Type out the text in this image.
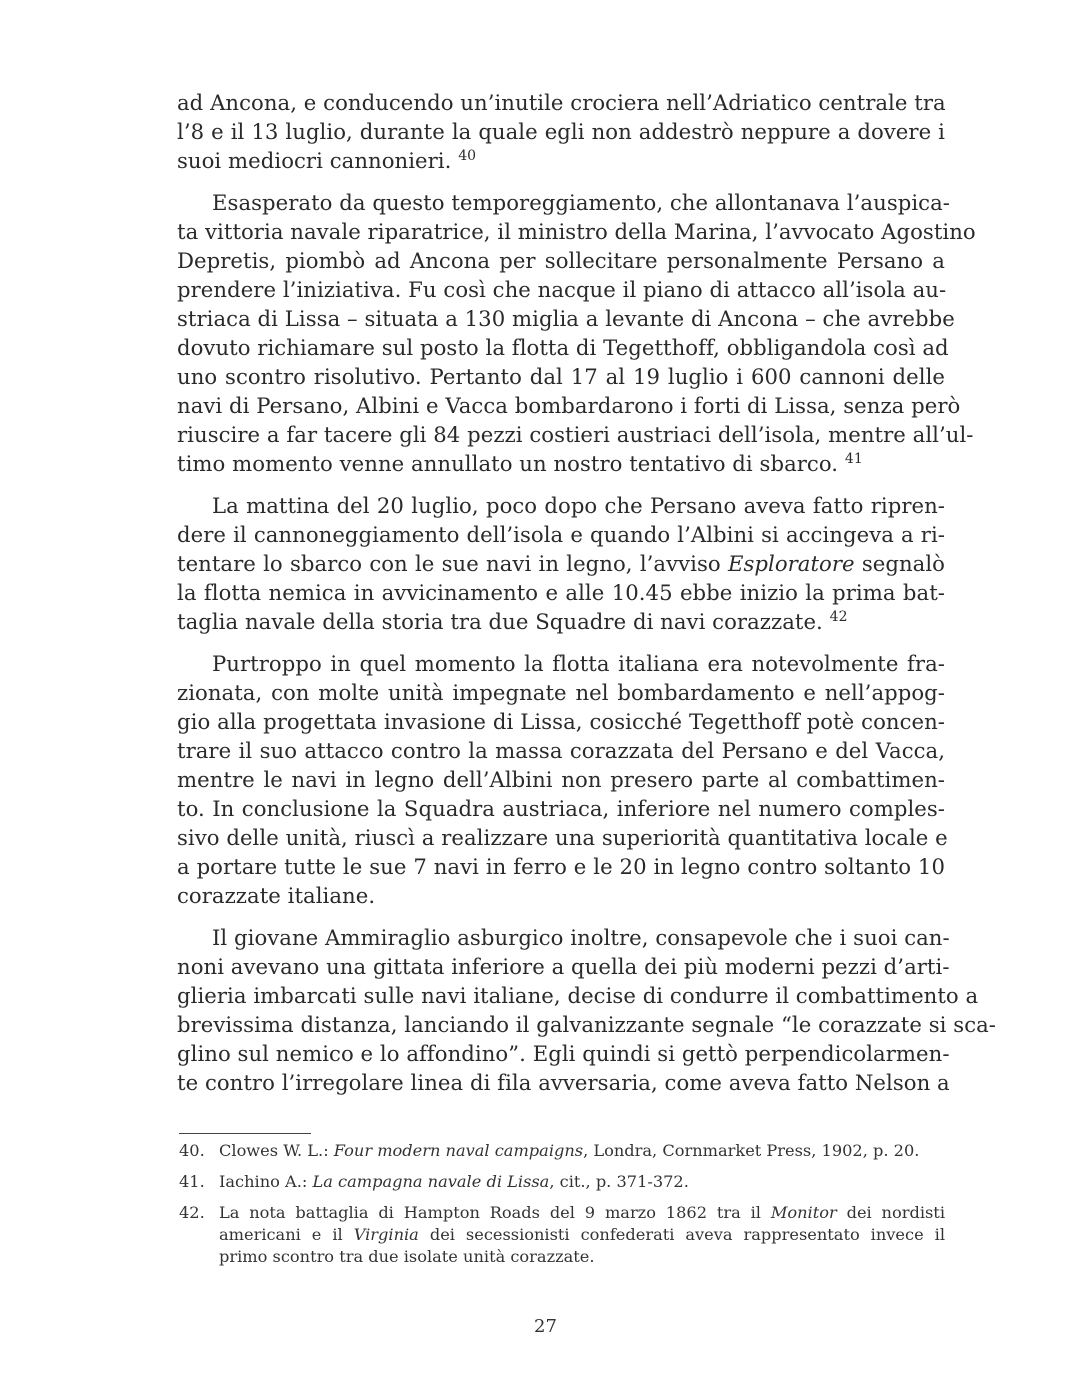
ad Ancona, e conducendo un’inutile crociera nell’Adriatico centrale tra
l’8 e il 13 luglio, durante la quale egli non addestrò neppure a dovere i
suoi mediocri cannonieri. $^{40}$
Esasperato da questo temporeggiamento, che allontanava l’auspica-
ta vittoria navale riparatrice, il ministro della Marina, l’avvocato Agostino
Depretis, piombò ad Ancona per sollecitare personalmente Persano a
prendere l’iniziativa. Fu così che nacque il piano di attacco all’isola au-
striaca di Lissa – situata a 130 miglia a levante di Ancona – che avrebbe
dovuto richiamare sul posto la flotta di Tegetthoff, obbligandola così ad
uno scontro risolutivo. Pertanto dal 17 al 19 luglio i 600 cannoni delle
navi di Persano, Albini e Vacca bombardarono i forti di Lissa, senza però
riuscire a far tacere gli 84 pezzi costieri austriaci dell’isola, mentre all’ul-
timo momento venne annullato un nostro tentativo di sbarco. $^{41}$
La mattina del 20 luglio, poco dopo che Persano aveva fatto ripren-
dere il cannoneggiamento dell’isola e quando l’Albini si accingeva a ri-
tentare lo sbarco con le sue navi in legno, l’avviso Esploratore segnalò
la flotta nemica in avvicinamento e alle 10.45 ebbe inizio la prima bat-
taglia navale della storia tra due Squadre di navi corazzate. $^{42}$
Purtroppo in quel momento la flotta italiana era notevolmente fra-
zionata, con molte unità impegnate nel bombardamento e nell’appog-
gio alla progettata invasione di Lissa, cosicché Tegetthoff potè concen-
trare il suo attacco contro la massa corazzata del Persano e del Vacca,
mentre le navi in legno dell’Albini non presero parte al combattimen-
to. In conclusione la Squadra austriaca, inferiore nel numero comples-
sivo delle unità, riuscì a realizzare una superiorità quantitativa locale e
a portare tutte le sue 7 navi in ferro e le 20 in legno contro soltanto 10
corazzate italiane.
Il giovane Ammiraglio asburgico inoltre, consapevole che i suoi can-
noni avevano una gittata inferiore a quella dei più moderni pezzi d’arti-
glieria imbarcati sulle navi italiane, decise di condurre il combattimento a
brevissima distanza, lanciando il galvanizzante segnale “le corazzate si sca-
glino sul nemico e lo affondino”. Egli quindi si gettò perpendicolarmen-
te contro l’irregolare linea di fila avversaria, come aveva fatto Nelson a
40. Clowes W. L.: Four modern naval campaigns, Londra, Cornmarket Press, 1902, p. 20.
41. Iachino A.: La campagna navale di Lissa, cit., p. 371-372.
42. La nota battaglia di Hampton Roads del 9 marzo 1862 tra il Monitor dei nordisti
americani e il Virginia dei secessionisti confederati aveva rappresentato invece il
primo scontro tra due isolate unità corazzate.
27
